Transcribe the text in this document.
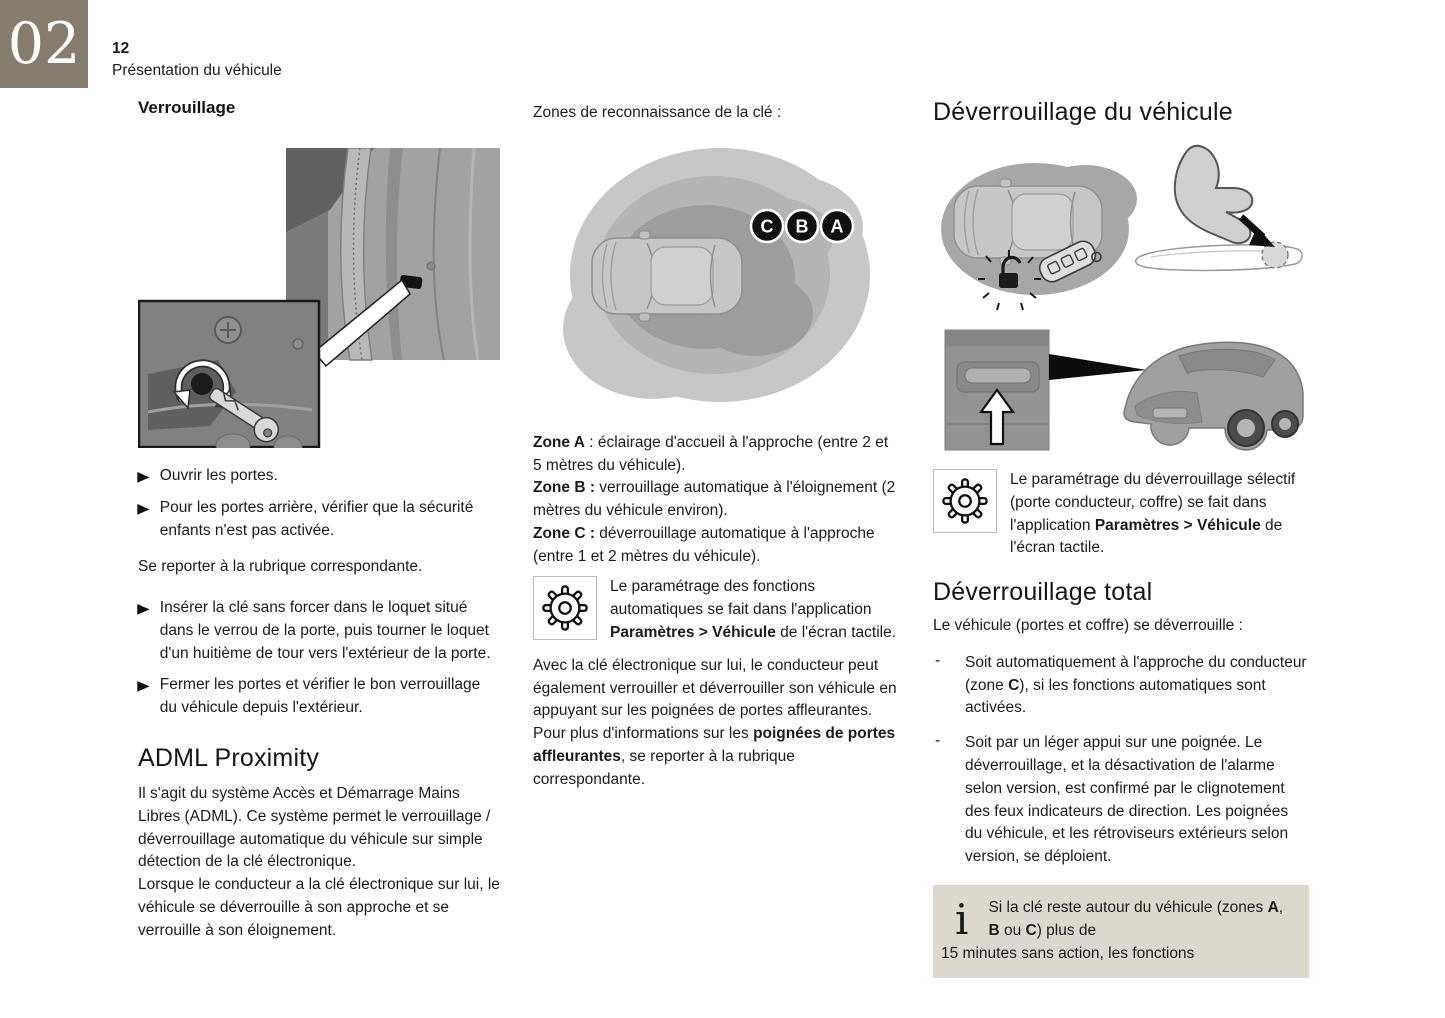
02	12
Présentation du véhicule
Verrouillage
▶ Ouvrir les portes.

▶ Pour les portes arrière, vérifier que la sécurité enfants n'est pas activée.

Se reporter à la rubrique correspondante.

▶ Insérer la clé sans forcer dans le loquet situé dans le verrou de la porte, puis tourner le loquet d'un huitième de tour vers l'extérieur de la porte.

▶ Fermer les portes et vérifier le bon verrouillage du véhicule depuis l'extérieur.

ADML Proximity

Il s'agit du système Accès et Démarrage Mains Libres (ADML). Ce système permet le verrouillage / déverrouillage automatique du véhicule sur simple détection de la clé électronique.

Lorsque le conducteur a la clé électronique sur lui, le véhicule se déverrouille à son approche et se verrouille à son éloignement.

Zones de reconnaissance de la clé :

C B A

Zone A : éclairage d'accueil à l'approche (entre 2 et 5 mètres du véhicule).

Zone B : verrouillage automatique à l'éloignement (2 mètres du véhicule environ).

Zone C : déverrouillage automatique à l'approche (entre 1 et 2 mètres du véhicule).

Le paramétrage des fonctions automatiques se fait dans l'application Paramètres > Véhicule de l'écran tactile.

Avec la clé électronique sur lui, le conducteur peut également verrouiller et déverrouiller son véhicule en appuyant sur les poignées de portes affleurantes.

Pour plus d'informations sur les poignées de portes affleurantes, se reporter à la rubrique correspondante.

Déverrouillage du véhicule

Le paramétrage du déverrouillage sélectif (porte conducteur, coffre) se fait dans l'application Paramètres > Véhicule de l'écran tactile.

Déverrouillage total

Le véhicule (portes et coffre) se déverrouille :

-	Soit automatiquement à l'approche du conducteur (zone C), si les fonctions automatiques sont activées.

-	Soit par un léger appui sur une poignée. Le déverrouillage, et la désactivation de l'alarme selon version, est confirmé par le clignotement des feux indicateurs de direction. Les poignées du véhicule, et les rétroviseurs extérieurs selon version, se déploient.

i	Si la clé reste autour du véhicule (zones A, B ou C) plus de
15 minutes sans action, les fonctions
